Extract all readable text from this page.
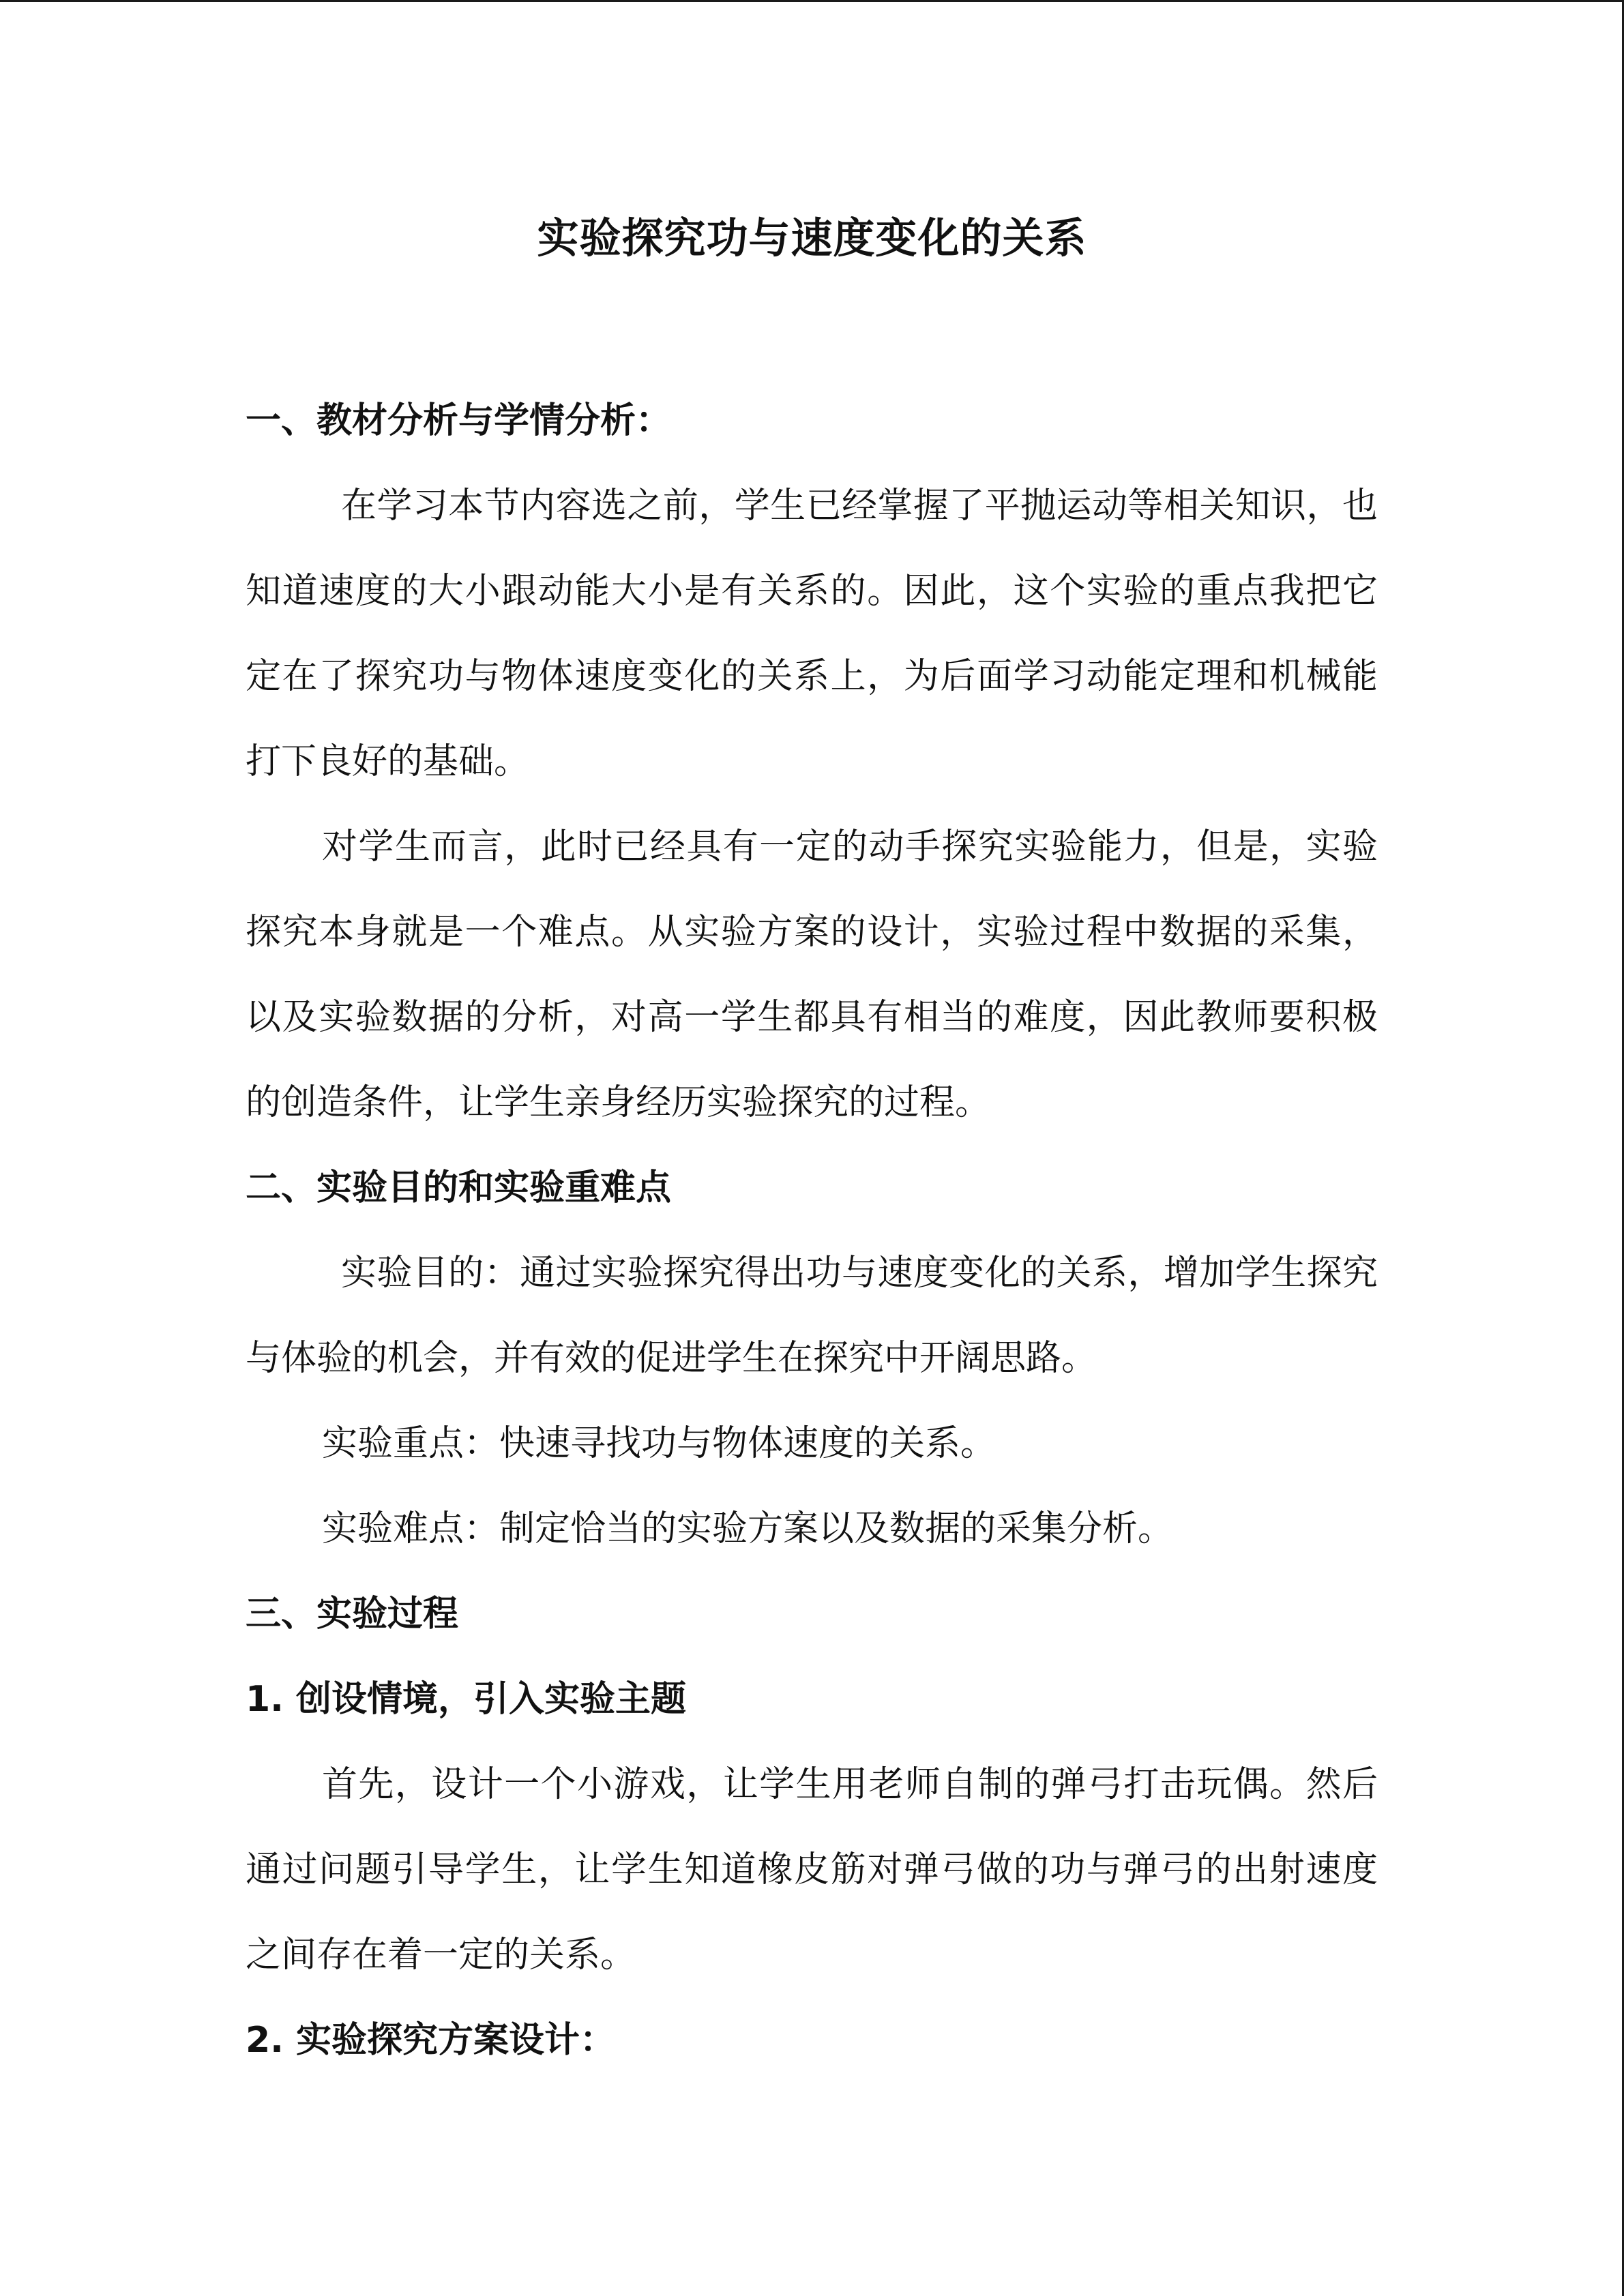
实验探究功与速度变化的关系

一、教材分析与学情分析：

在学习本节内容选之前，学生已经掌握了平抛运动等相关知识，也知道速度的大小跟动能大小是有关系的。因此，这个实验的重点我把它定在了探究功与物体速度变化的关系上，为后面学习动能定理和机械能打下良好的基础。

对学生而言，此时已经具有一定的动手探究实验能力，但是，实验探究本身就是一个难点。从实验方案的设计，实验过程中数据的采集，以及实验数据的分析，对高一学生都具有相当的难度，因此教师要积极的创造条件，让学生亲身经历实验探究的过程。

二、实验目的和实验重难点

实验目的：通过实验探究得出功与速度变化的关系，增加学生探究与体验的机会，并有效的促进学生在探究中开阔思路。

实验重点：快速寻找功与物体速度的关系。

实验难点：制定恰当的实验方案以及数据的采集分析。

三、实验过程

1. 创设情境，引入实验主题

首先，设计一个小游戏，让学生用老师自制的弹弓打击玩偶。然后通过问题引导学生，让学生知道橡皮筋对弹弓做的功与弹弓的出射速度之间存在着一定的关系。

2. 实验探究方案设计：
